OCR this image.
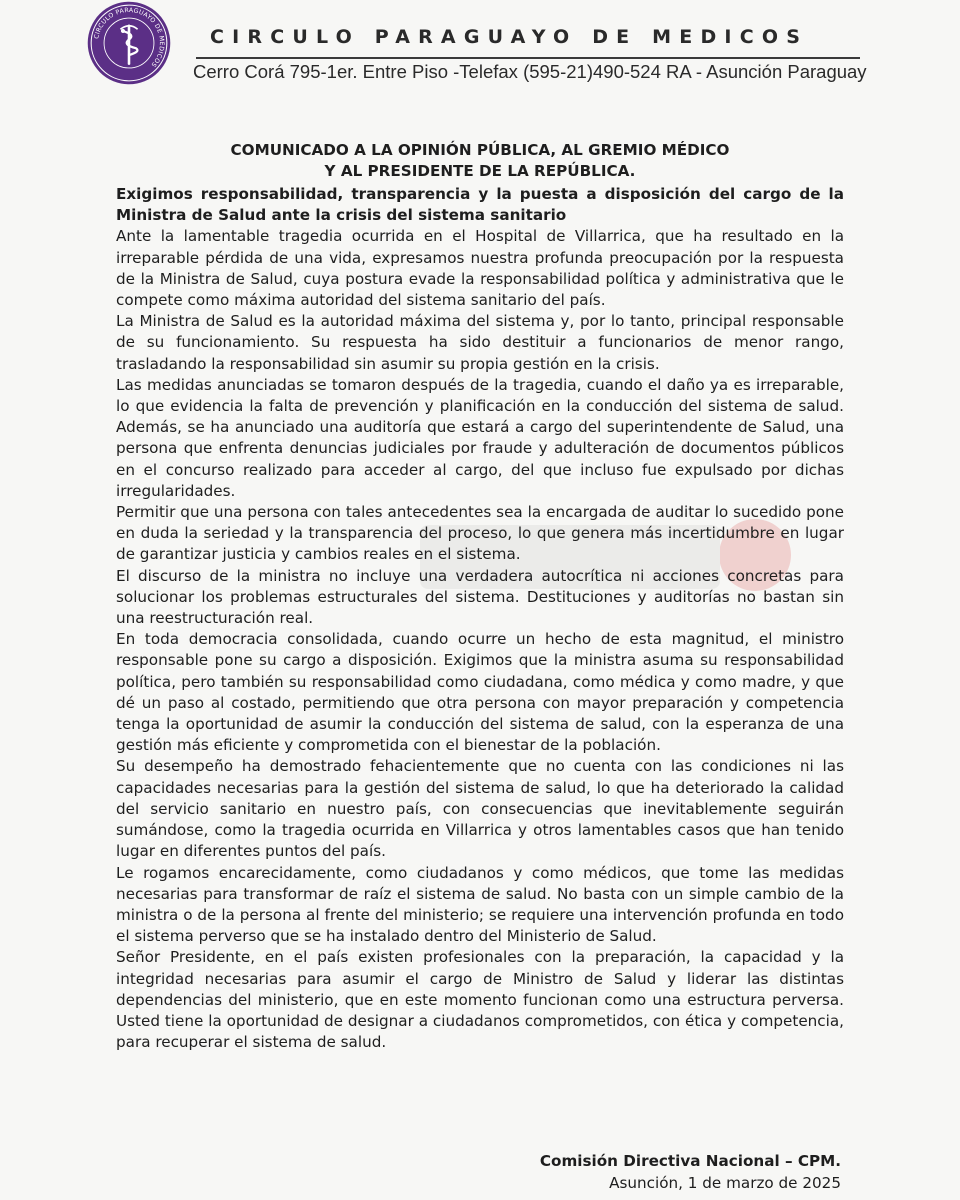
CIRCULO PARAGUAYO DE MEDICOS
CIRCULO PARAGUAYO DE MEDICOS
Cerro Corá 795-1er. Entre Piso -Telefax (595-21)490-524 RA - Asunción Paraguay

COMUNICADO A LA OPINIÓN PÚBLICA, AL GREMIO MÉDICO

Y AL PRESIDENTE DE LA REPÚBLICA.

Exigimos responsabilidad, transparencia y la puesta a disposición del cargo de la Ministra de Salud ante la crisis del sistema sanitario

Ante la lamentable tragedia ocurrida en el Hospital de Villarrica, que ha resultado en la irreparable pérdida de una vida, expresamos nuestra profunda preocupación por la respuesta de la Ministra de Salud, cuya postura evade la responsabilidad política y administrativa que le compete como máxima autoridad del sistema sanitario del país.

La Ministra de Salud es la autoridad máxima del sistema y, por lo tanto, principal responsable de su funcionamiento. Su respuesta ha sido destituir a funcionarios de menor rango, trasladando la responsabilidad sin asumir su propia gestión en la crisis.

Las medidas anunciadas se tomaron después de la tragedia, cuando el daño ya es irreparable, lo que evidencia la falta de prevención y planificación en la conducción del sistema de salud. Además, se ha anunciado una auditoría que estará a cargo del superintendente de Salud, una persona que enfrenta denuncias judiciales por fraude y adulteración de documentos públicos en el concurso realizado para acceder al cargo, del que incluso fue expulsado por dichas irregularidades.

Permitir que una persona con tales antecedentes sea la encargada de auditar lo sucedido pone en duda la seriedad y la transparencia del proceso, lo que genera más incertidumbre en lugar de garantizar justicia y cambios reales en el sistema.

El discurso de la ministra no incluye una verdadera autocrítica ni acciones concretas para solucionar los problemas estructurales del sistema. Destituciones y auditorías no bastan sin una reestructuración real.

En toda democracia consolidada, cuando ocurre un hecho de esta magnitud, el ministro responsable pone su cargo a disposición. Exigimos que la ministra asuma su responsabilidad política, pero también su responsabilidad como ciudadana, como médica y como madre, y que dé un paso al costado, permitiendo que otra persona con mayor preparación y competencia tenga la oportunidad de asumir la conducción del sistema de salud, con la esperanza de una gestión más eficiente y comprometida con el bienestar de la población.

Su desempeño ha demostrado fehacientemente que no cuenta con las condiciones ni las capacidades necesarias para la gestión del sistema de salud, lo que ha deteriorado la calidad del servicio sanitario en nuestro país, con consecuencias que inevitablemente seguirán sumándose, como la tragedia ocurrida en Villarrica y otros lamentables casos que han tenido lugar en diferentes puntos del país.

Le rogamos encarecidamente, como ciudadanos y como médicos, que tome las medidas necesarias para transformar de raíz el sistema de salud. No basta con un simple cambio de la ministra o de la persona al frente del ministerio; se requiere una intervención profunda en todo el sistema perverso que se ha instalado dentro del Ministerio de Salud.

Señor Presidente, en el país existen profesionales con la preparación, la capacidad y la integridad necesarias para asumir el cargo de Ministro de Salud y liderar las distintas dependencias del ministerio, que en este momento funcionan como una estructura perversa. Usted tiene la oportunidad de designar a ciudadanos comprometidos, con ética y competencia, para recuperar el sistema de salud.

Comisión Directiva Nacional – CPM.
Asunción, 1 de marzo de 2025
